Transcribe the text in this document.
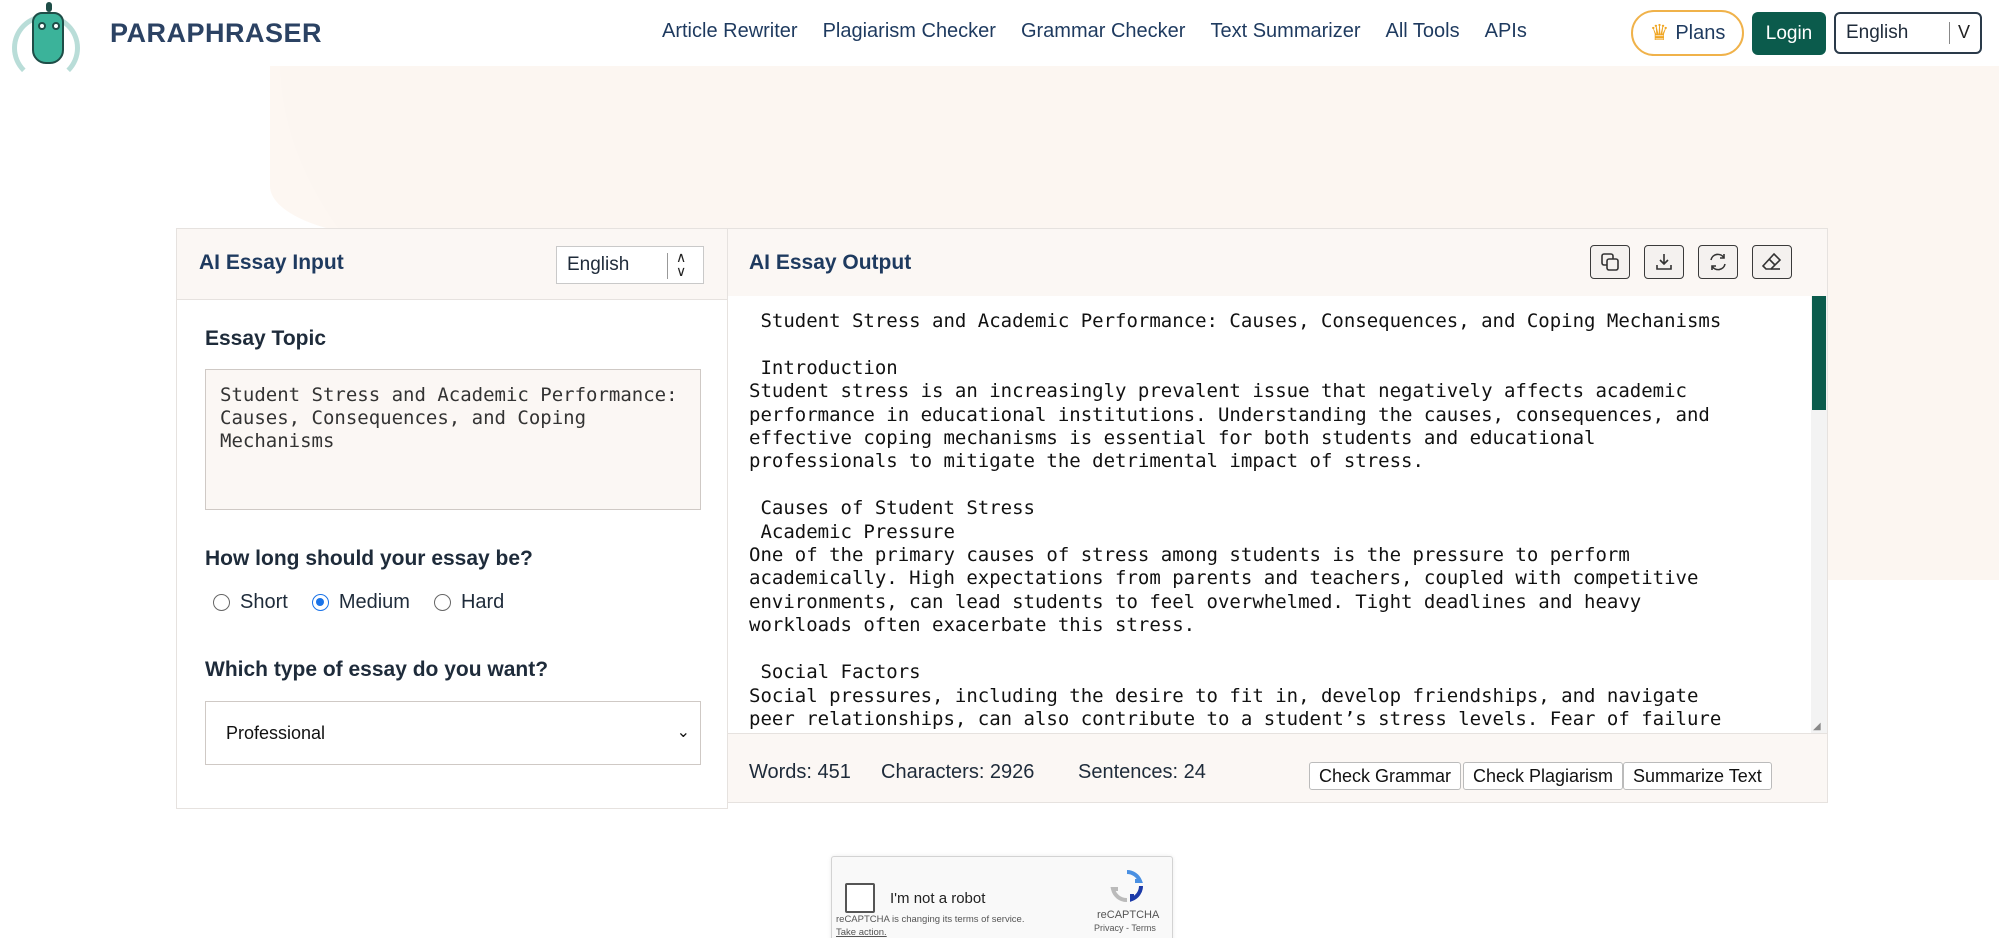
PARAPHRASER	Article Rewriter Plagiarism Checker Grammar Checker Text Summarizer All Tools APIs	♛ Plans	Login	English	V
AI Essay Input	English	∧
∨
Essay Topic
Student Stress and Academic Performance: Causes, Consequences, and Coping Mechanisms
How long should your essay be?
Short	Medium	Hard
Which type of essay do you want?
Professional	⌄
AI Essay Output
Student Stress and Academic Performance: Causes, Consequences, and Coping Mechanisms

Introduction
Student stress is an increasingly prevalent issue that negatively affects academic
performance in educational institutions. Understanding the causes, consequences, and
effective coping mechanisms is essential for both students and educational
professionals to mitigate the detrimental impact of stress.

Causes of Student Stress
Academic Pressure
One of the primary causes of stress among students is the pressure to perform
academically. High expectations from parents and teachers, coupled with competitive
environments, can lead students to feel overwhelmed. Tight deadlines and heavy
workloads often exacerbate this stress.

Social Factors
Social pressures, including the desire to fit in, develop friendships, and navigate
peer relationships, can also contribute to a student’s stress levels. Fear of failure	◢
Words: 451 Characters: 2926 Sentences: 24	Check Grammar	Check Plagiarism	Summarize Text
I'm not a robot
reCAPTCHA is changing its terms of service.
Take action.
reCAPTCHA
Privacy - Terms
